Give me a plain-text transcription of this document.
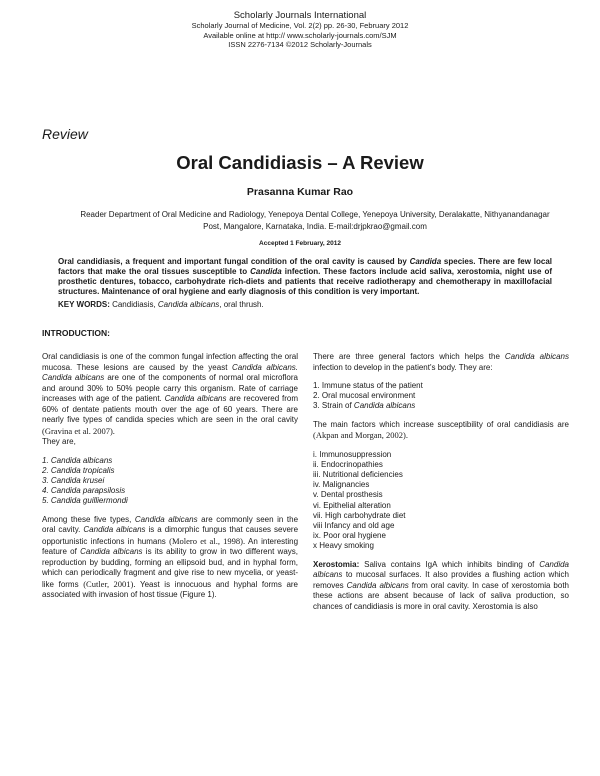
Scholarly Journals International
Scholarly Journal of Medicine, Vol. 2(2) pp. 26-30, February 2012
Available online at http:// www.scholarly-journals.com/SJM
ISSN 2276-7134 ©2012 Scholarly-Journals
Review
Oral Candidiasis – A Review
Prasanna Kumar Rao
Reader Department of Oral Medicine and Radiology, Yenepoya Dental College, Yenepoya University, Deralakatte, Nithyanandanagar Post, Mangalore, Karnataka, India. E-mail:drjpkrao@gmail.com
Accepted 1 February, 2012
Oral candidiasis, a frequent and important fungal condition of the oral cavity is caused by Candida species. There are few local factors that make the oral tissues susceptible to Candida infection. These factors include acid saliva, xerostomia, night use of prosthetic dentures, tobacco, carbohydrate rich-diets and patients that receive radiotherapy and chemotherapy in maxillofacial structures. Maintenance of oral hygiene and early diagnosis of this condition is very important.
KEY WORDS: Candidiasis, Candida albicans, oral thrush.
INTRODUCTION:

Oral candidiasis is one of the common fungal infection affecting the oral mucosa. These lesions are caused by the yeast Candida albicans. Candida albicans are one of the components of normal oral microflora and around 30% to 50% people carry this organism. Rate of carriage increases with age of the patient. Candida albicans are recovered from 60% of dentate patients mouth over the age of 60 years. There are nearly five types of candida species which are seen in the oral cavity (Gravina et al. 2007).
They are,

1. Candida albicans
2. Candida tropicalis
3. Candida krusei
4. Candida parapsilosis
5. Candida guilliermondi

Among these five types, Candida albicans are commonly seen in the oral cavity. Candida albicans is a dimorphic fungus that causes severe opportunistic infections in humans (Molero et al., 1998). An interesting feature of Candida albicans is its ability to grow in two different ways, reproduction by budding, forming an ellipsoid bud, and in hyphal form, which can periodically fragment and give rise to new mycelia, or yeast-like forms (Cutler, 2001). Yeast is innocuous and hyphal forms are associated with invasion of host tissue (Figure 1).

There are three general factors which helps the Candida albicans infection to develop in the patient's body. They are:

1. Immune status of the patient
2. Oral mucosal environment
3. Strain of Candida albicans

The main factors which increase susceptibility of oral candidiasis are (Akpan and Morgan, 2002).

i. Immunosuppression
ii. Endocrinopathies
iii. Nutritional deficiencies
iv. Malignancies
v. Dental prosthesis
vi. Epithelial alteration
vii. High carbohydrate diet
viii Infancy and old age
ix. Poor oral hygiene
x Heavy smoking

Xerostomia: Saliva contains IgA which inhibits binding of Candida albicans to mucosal surfaces. It also provides a flushing action which removes Candida albicans from oral cavity. In case of xerostomia both these actions are absent because of lack of saliva production, so chances of candidiasis is more in oral cavity. Xerostomia is also
